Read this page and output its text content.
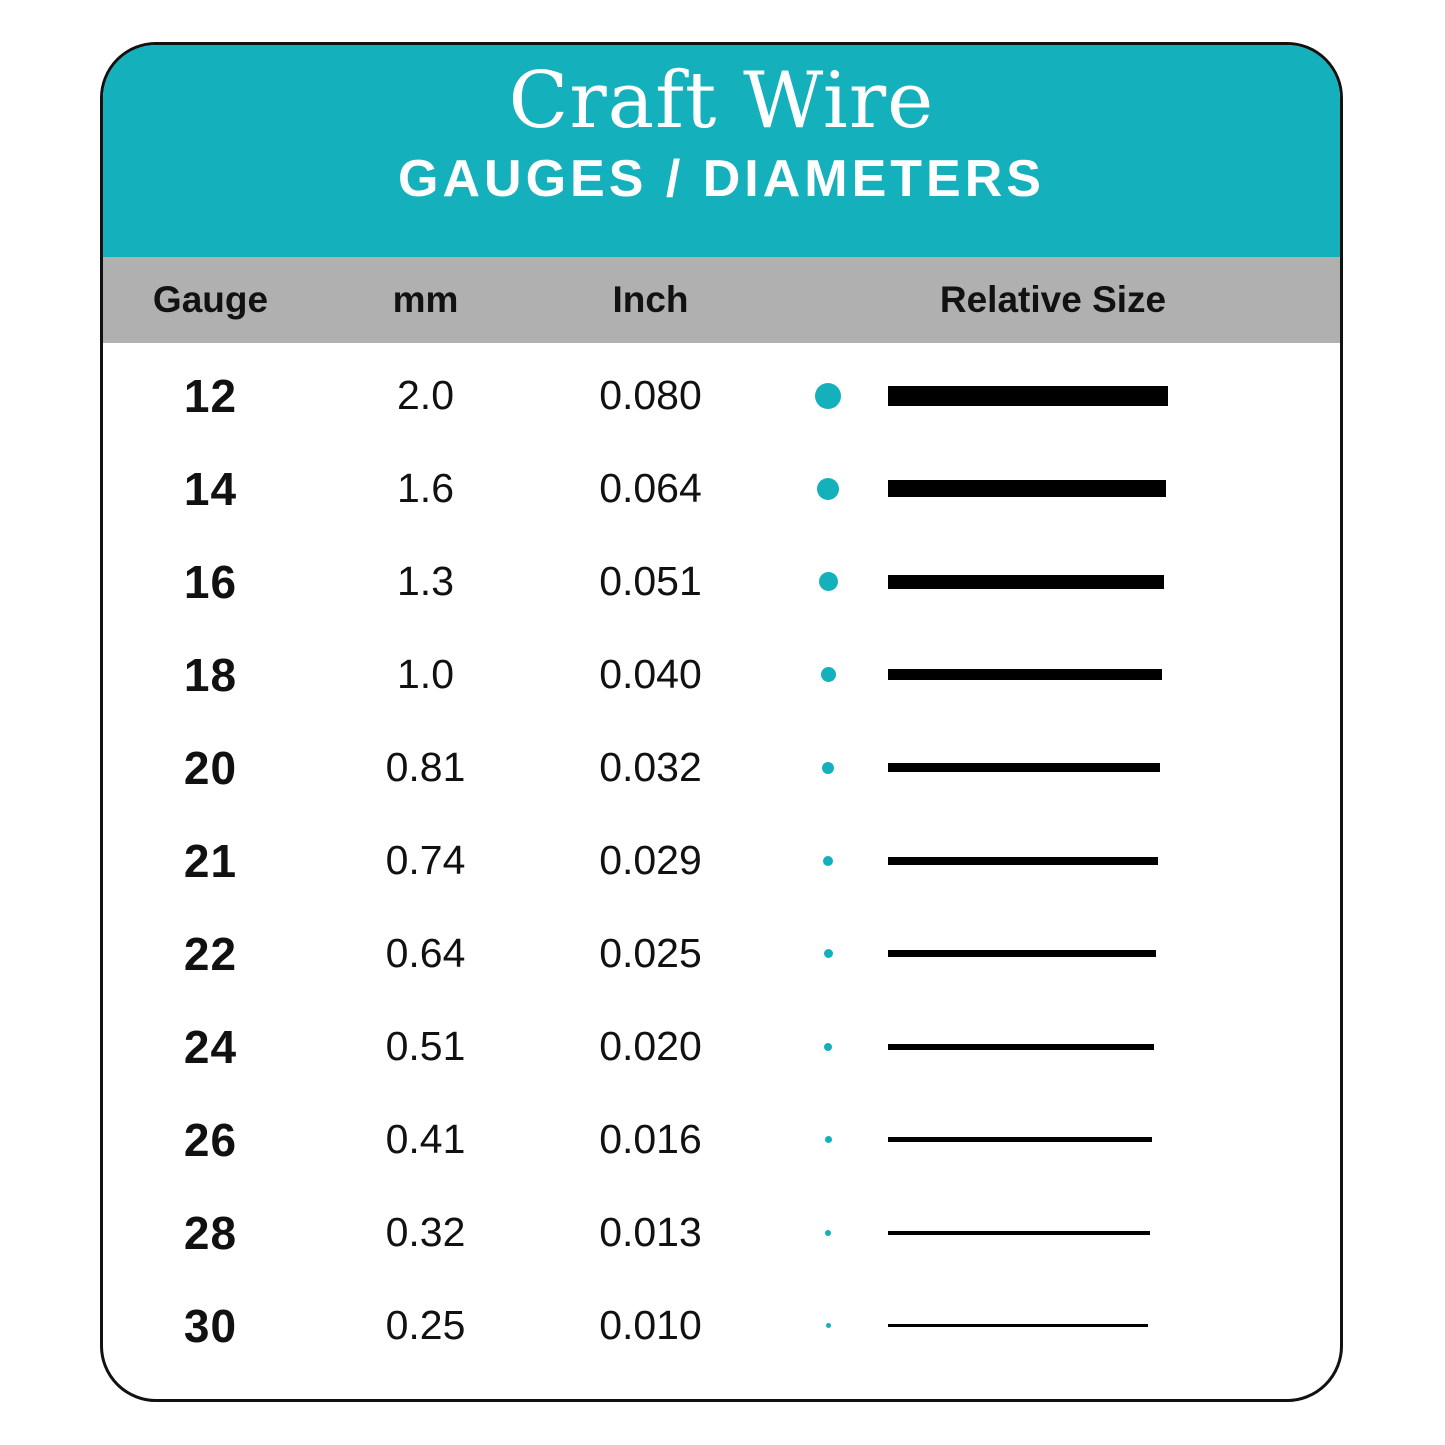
Craft Wire
GAUGES / DIAMETERS
Gauge	mm	Inch	Relative Size
12	2.0	0.080
14	1.6	0.064
16	1.3	0.051
18	1.0	0.040
20	0.81	0.032
21	0.74	0.029
22	0.64	0.025
24	0.51	0.020
26	0.41	0.016
28	0.32	0.013
30	0.25	0.010
